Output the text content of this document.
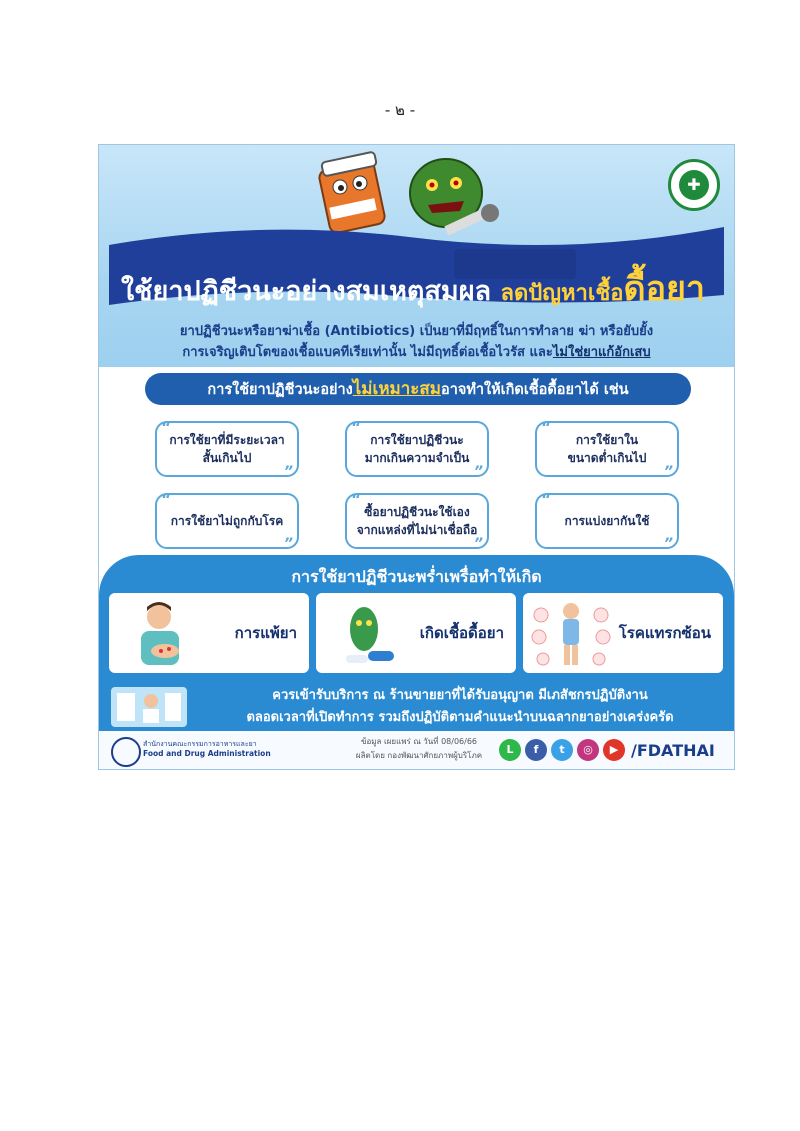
- ๒ -
✚
ใช้ยาปฏิชีวนะอย่างสมเหตุสมผล ลดปัญหาเชื้อดื้อยา
ยาปฏิชีวนะหรือยาฆ่าเชื้อ (Antibiotics) เป็นยาที่มีฤทธิ์ในการทำลาย ฆ่า หรือยับยั้ง
การเจริญเติบโตของเชื้อแบคทีเรียเท่านั้น ไม่มีฤทธิ์ต่อเชื้อไวรัส และไม่ใช่ยาแก้อักเสบ
การใช้ยาปฏิชีวนะอย่างไม่เหมาะสมอาจทำให้เกิดเชื้อดื้อยาได้ เช่น
“
การใช้ยาที่มีระยะเวลา
สั้นเกินไป
”
“
การใช้ยาปฏิชีวนะ
มากเกินความจำเป็น
”
“
การใช้ยาใน
ขนาดต่ำเกินไป
”
“
การใช้ยาไม่ถูกกับโรค
”
“
ซื้อยาปฏิชีวนะใช้เอง
จากแหล่งที่ไม่น่าเชื่อถือ
”
“
การแบ่งยากันใช้
”
การใช้ยาปฏิชีวนะพร่ำเพรื่อทำให้เกิด
การแพ้ยา	เกิดเชื้อดื้อยา	โรคแทรกซ้อน
ควรเข้ารับบริการ ณ ร้านขายยาที่ได้รับอนุญาต มีเภสัชกรปฏิบัติงาน
ตลอดเวลาที่เปิดทำการ รวมถึงปฏิบัติตามคำแนะนำบนฉลากยาอย่างเคร่งครัด
สำนักงานคณะกรรมการอาหารและยา
Food and Drug Administration
ข้อมูล เผยแพร่ ณ วันที่ 08/06/66
ผลิตโดย กองพัฒนาศักยภาพผู้บริโภค	L	f	t	◎	▶ /FDATHAI
